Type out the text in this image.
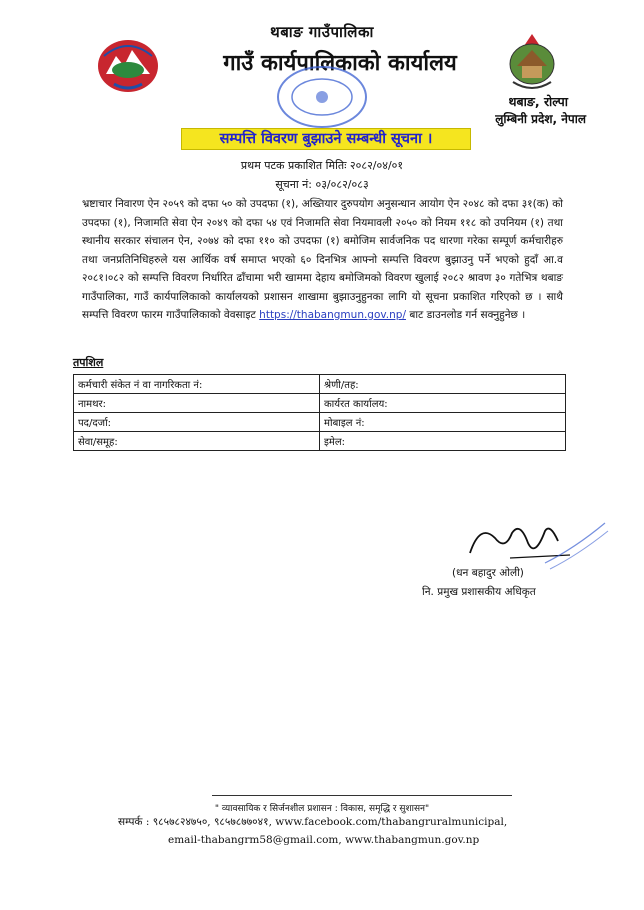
थबाङ गाउँपालिका
गाउँ कार्यपालिकाको कार्यालय
थबाङ, रोल्पा
लुम्बिनी प्रदेश, नेपाल
सम्पत्ति विवरण बुझाउने सम्बन्धी सूचना ।
प्रथम पटक प्रकाशित मितिः २०८२/०४/०१
सूचना नं: ०३/०८२/०८३

भ्रष्टाचार निवारण ऐन २०५९ को दफा ५० को उपदफा (१), अख्तियार दुरुपयोग अनुसन्धान आयोग ऐन २०४८ को दफा ३१(क) को उपदफा (१), निजामति सेवा ऐन २०४९ को दफा ५४ एवं निजामति सेवा नियमावली २०५० को नियम ११८ को उपनियम (१) तथा स्थानीय सरकार संचालन ऐन, २०७४ को दफा ११० को उपदफा (१) बमोजिम सार्वजनिक पद धारणा गरेका सम्पूर्ण कर्मचारीहरु तथा जनप्रतिनिधिहरुले यस आर्थिक वर्ष समाप्त भएको ६० दिनभित्र आफ्नो सम्पत्ति विवरण बुझाउनु पर्ने भएको हुदाँ आ.व २०८१।०८२ को सम्पत्ति विवरण निर्धारित ढाँचामा भरी खाममा देहाय बमोजिमको विवरण खुलाई २०८२ श्रावण ३० गतेभित्र थबाङ गाउँपालिका, गाउँ कार्यपालिकाको कार्यालयको प्रशासन शाखामा बुझाउनुहुनका लागि यो सूचना प्रकाशित गरिएको छ । साथै सम्पत्ति विवरण फारम गाउँपालिकाको वेवसाइट https://thabangmun.gov.np/ बाट डाउनलोड गर्न सक्नुहुनेछ ।

तपशिल
कर्मचारी संकेत नं वा नागरिकता नं:	श्रेणी/तह:
नामथर:	कार्यरत कार्यालय:
पद/दर्जा:	मोबाइल नं:
सेवा/समूह:	इमेल:
(धन बहादुर ओली)
नि. प्रमुख प्रशासकीय अधिकृत
" व्यावसायिक र सिर्जनशील प्रशासन : विकास, समृद्धि र सुशासन"
सम्पर्क : ९८५७८२४७५०, ९८५७८७७०४१, www.facebook.com/thabangruralmunicipal,
email-thabangrm58@gmail.com, www.thabangmun.gov.np
